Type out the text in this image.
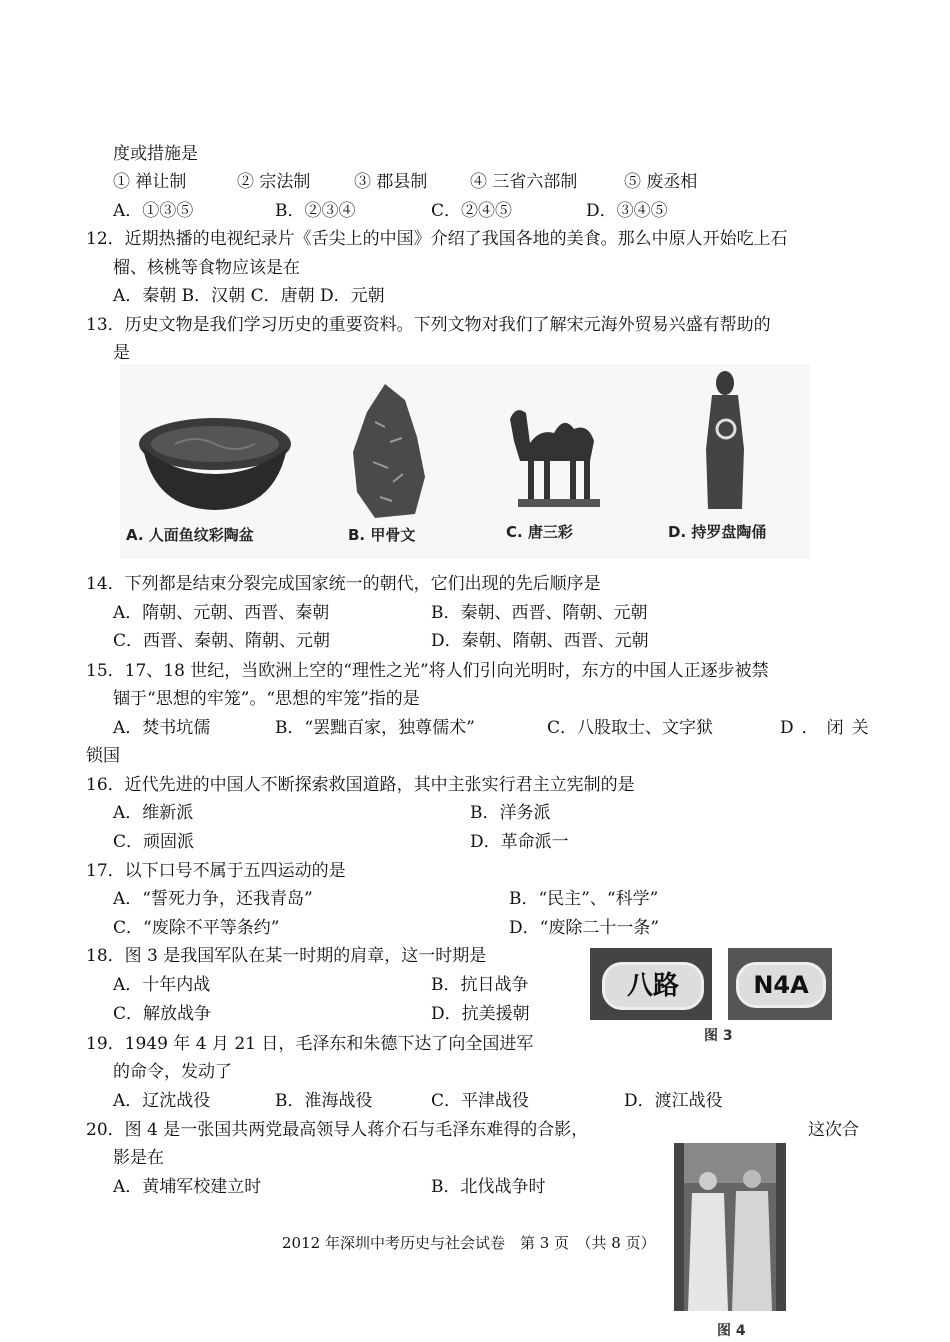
度或措施是
① 禅让制	② 宗法制	③ 郡县制	④ 三省六部制	⑤ 废丞相
A．①③⑤	B．②③④	C．②④⑤	D．③④⑤
12．近期热播的电视纪录片《舌尖上的中国》介绍了我国各地的美食。那么中原人开始吃上石
榴、核桃等食物应该是在
A．秦朝 B．汉朝 C．唐朝 D．元朝
13．历史文物是我们学习历史的重要资料。下列文物对我们了解宋元海外贸易兴盛有帮助的
是
A. 人面鱼纹彩陶盆	B. 甲骨文	C. 唐三彩	D. 持罗盘陶俑
14．下列都是结束分裂完成国家统一的朝代，它们出现的先后顺序是
A．隋朝、元朝、西晋、秦朝	B．秦朝、西晋、隋朝、元朝
C．西晋、秦朝、隋朝、元朝	D．秦朝、隋朝、西晋、元朝
15．17、18 世纪，当欧洲上空的“理性之光”将人们引向光明时，东方的中国人正逐步被禁
锢于“思想的牢笼”。“思想的牢笼”指的是
A．焚书坑儒	B．“罢黜百家，独尊儒术”	C．八股取士、文字狱	D．闭关
锁国
16．近代先进的中国人不断探索救国道路，其中主张实行君主立宪制的是
A．维新派	B．洋务派
C．顽固派	D．革命派一
17．以下口号不属于五四运动的是
A．“誓死力争，还我青岛”	B．“民主”、“科学”
C．“废除不平等条约”	D．“废除二十一条”
18．图 3 是我国军队在某一时期的肩章，这一时期是
A．十年内战	B．抗日战争
C．解放战争	D．抗美援朝
八路	N4A
图 3
19．1949 年 4 月 21 日，毛泽东和朱德下达了向全国进军
的命令，发动了
A．辽沈战役	B．淮海战役	C．平津战役	D．渡江战役
20．图 4 是一张国共两党最高领导人蒋介石与毛泽东难得的合影，	这次合
影是在
A．黄埔军校建立时	B．北伐战争时
图 4
2012 年深圳中考历史与社会试卷　第 3 页　（共 8 页）
